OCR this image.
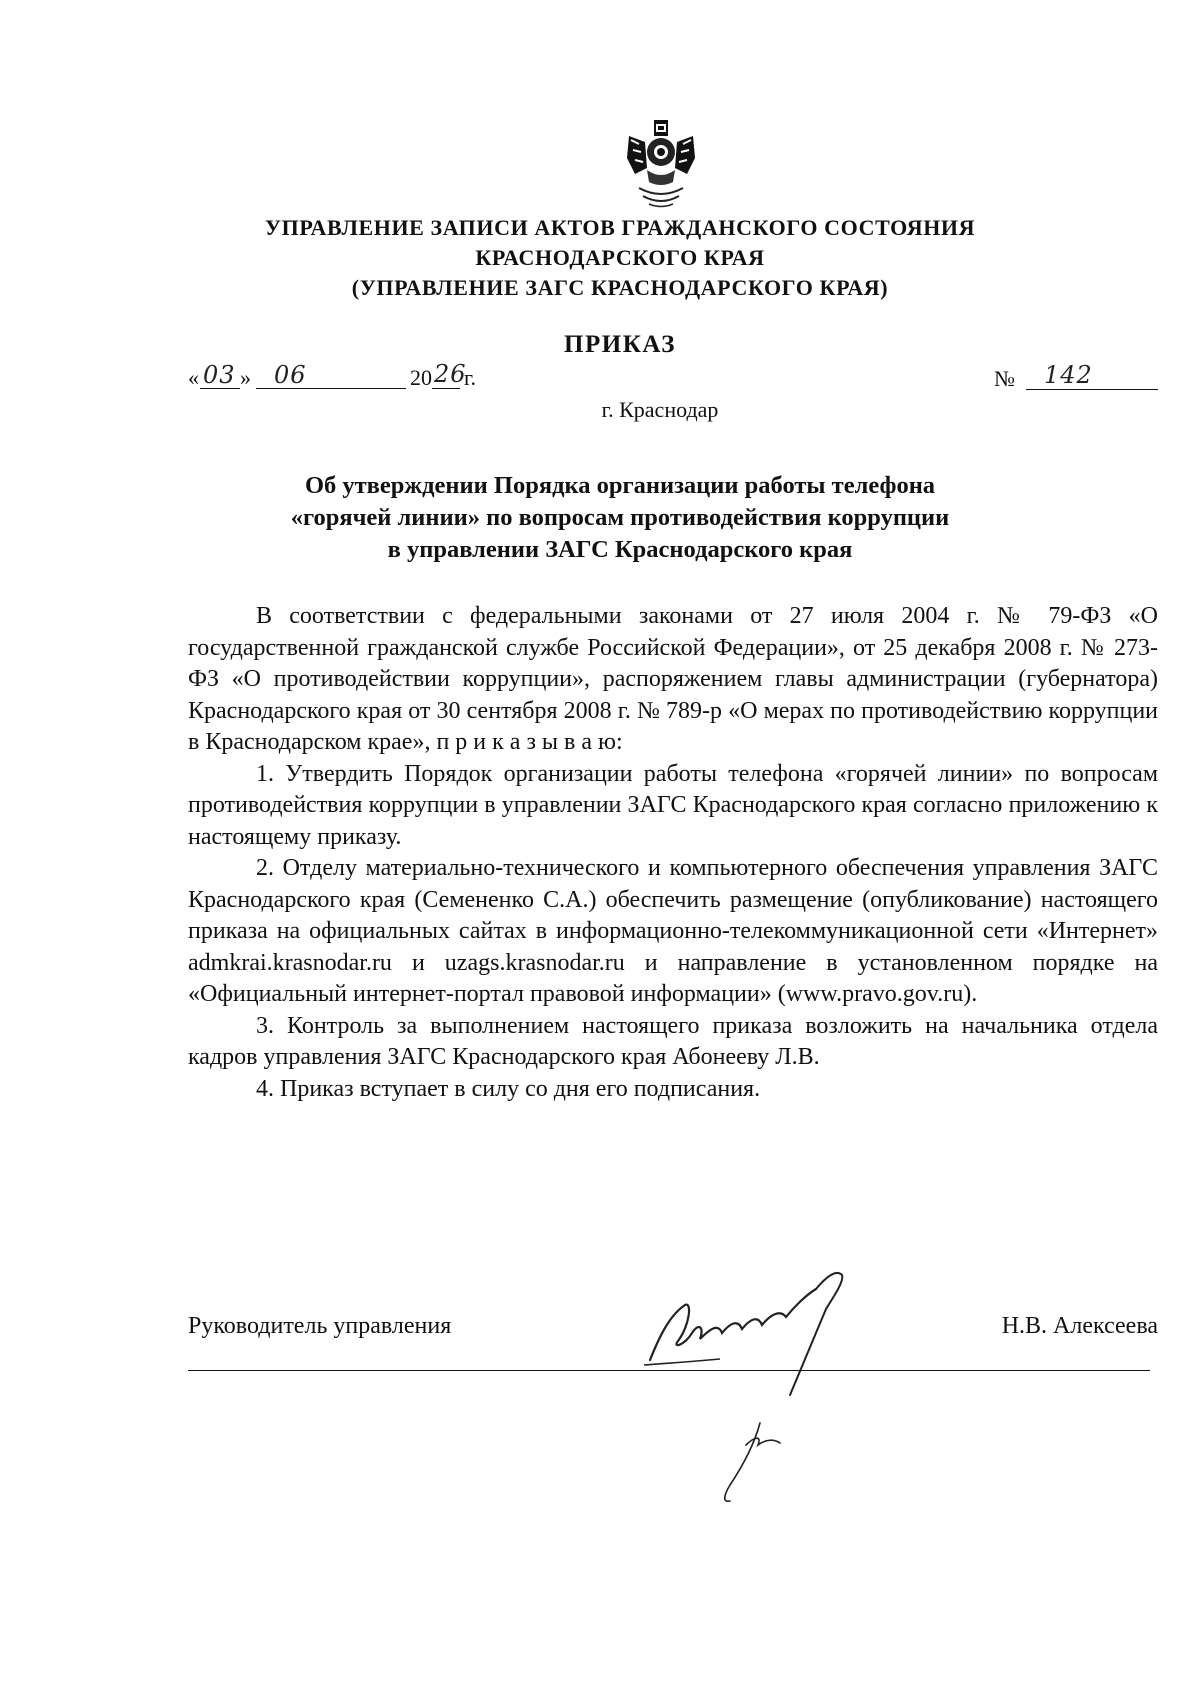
УПРАВЛЕНИЕ ЗАПИСИ АКТОВ ГРАЖДАНСКОГО СОСТОЯНИЯ
КРАСНОДАРСКОГО КРАЯ
(УПРАВЛЕНИЕ ЗАГС КРАСНОДАРСКОГО КРАЯ)
ПРИКАЗ
« 03 » 06	20 26
г.	№ 142
г. Краснодар
Об утверждении Порядка организации работы телефона
«горячей линии» по вопросам противодействия коррупции
в управлении ЗАГС Краснодарского края

В соответствии с федеральными законами от 27 июля 2004 г. № 79-ФЗ «О государственной гражданской службе Российской Федерации», от 25 декабря 2008 г. № 273-ФЗ «О противодействии коррупции», распоряжением главы администрации (губернатора) Краснодарского края от 30 сентября 2008 г. № 789-р «О мерах по противодействию коррупции в Краснодарском крае», п р и к а з ы в а ю:

1. Утвердить Порядок организации работы телефона «горячей линии» по вопросам противодействия коррупции в управлении ЗАГС Краснодарского края согласно приложению к настоящему приказу.

2. Отделу материально-технического и компьютерного обеспечения управления ЗАГС Краснодарского края (Семененко С.А.) обеспечить размещение (опубликование) настоящего приказа на официальных сайтах в информационно-телекоммуникационной сети «Интернет» admkrai.krasnodar.ru и uzags.krasnodar.ru и направление в установленном порядке на «Официальный интернет-портал правовой информации» (www.pravo.gov.ru).

3. Контроль за выполнением настоящего приказа возложить на начальника отдела кадров управления ЗАГС Краснодарского края Абонееву Л.В.

4. Приказ вступает в силу со дня его подписания.

Руководитель управления	Н.В. Алексеева
